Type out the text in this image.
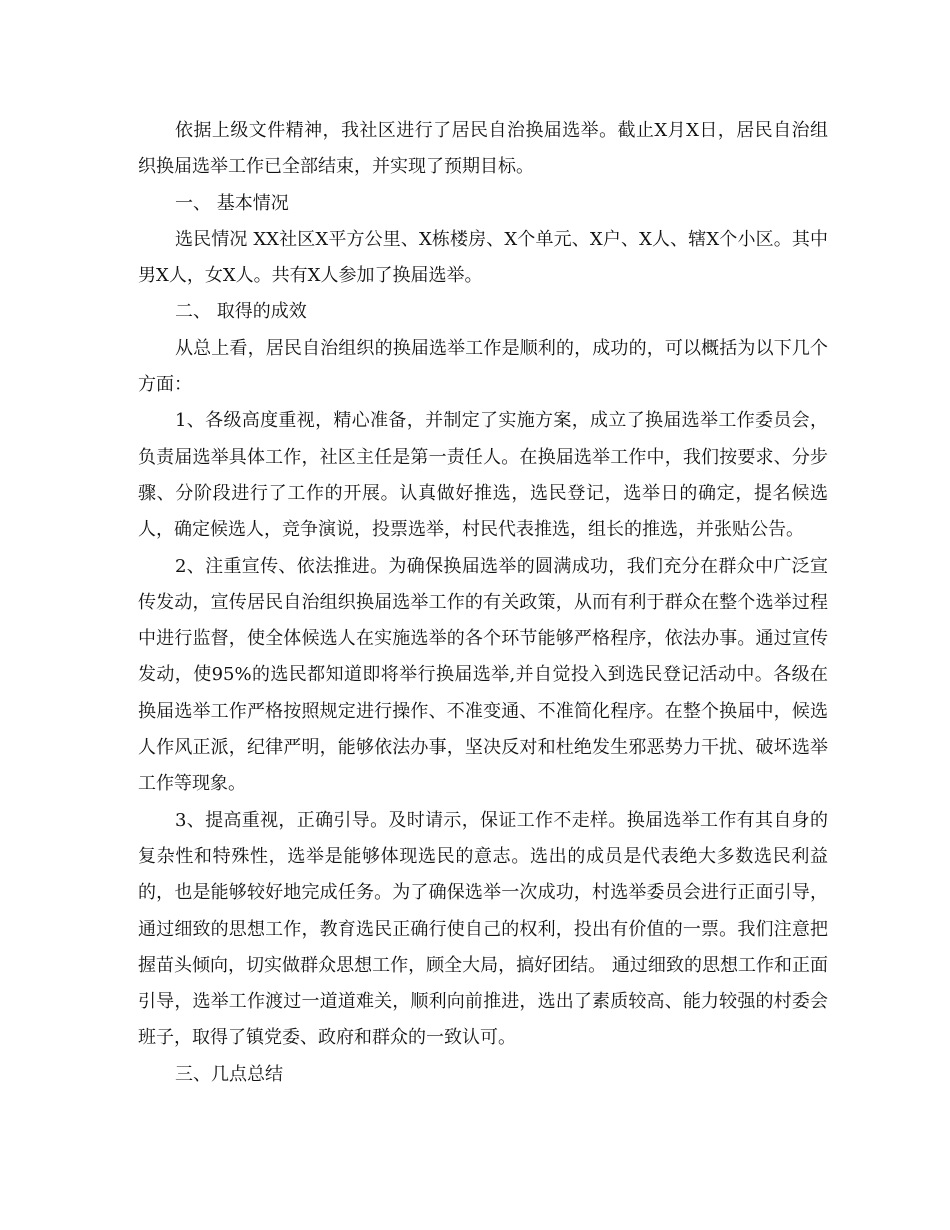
依据上级文件精神，我社区进行了居民自治换届选举。截止X月X日，居民自治组织换届选举工作已全部结束，并实现了预期目标。

一、 基本情况

选民情况 XX社区X平方公里、X栋楼房、X个单元、X户、X人、辖X个小区。其中男X人，女X人。共有X人参加了换届选举。

二、 取得的成效

从总上看，居民自治组织的换届选举工作是顺利的，成功的，可以概括为以下几个方面：

1、各级高度重视，精心准备，并制定了实施方案，成立了换届选举工作委员会，负责届选举具体工作，社区主任是第一责任人。在换届选举工作中，我们按要求、分步骤、分阶段进行了工作的开展。认真做好推选，选民登记，选举日的确定，提名候选人，确定候选人，竞争演说，投票选举，村民代表推选，组长的推选，并张贴公告。

2、注重宣传、依法推进。为确保换届选举的圆满成功，我们充分在群众中广泛宣传发动，宣传居民自治组织换届选举工作的有关政策，从而有利于群众在整个选举过程中进行监督，使全体候选人在实施选举的各个环节能够严格程序，依法办事。通过宣传发动，使95%的选民都知道即将举行换届选举,并自觉投入到选民登记活动中。各级在换届选举工作严格按照规定进行操作、不准变通、不准简化程序。在整个换届中，候选人作风正派，纪律严明，能够依法办事，坚决反对和杜绝发生邪恶势力干扰、破坏选举工作等现象。

3、提高重视，正确引导。及时请示，保证工作不走样。换届选举工作有其自身的复杂性和特殊性，选举是能够体现选民的意志。选出的成员是代表绝大多数选民利益的，也是能够较好地完成任务。为了确保选举一次成功，村选举委员会进行正面引导，通过细致的思想工作，教育选民正确行使自己的权利，投出有价值的一票。我们注意把握苗头倾向，切实做群众思想工作，顾全大局，搞好团结。 通过细致的思想工作和正面引导，选举工作渡过一道道难关，顺利向前推进，选出了素质较高、能力较强的村委会班子，取得了镇党委、政府和群众的一致认可。

三、几点总结
